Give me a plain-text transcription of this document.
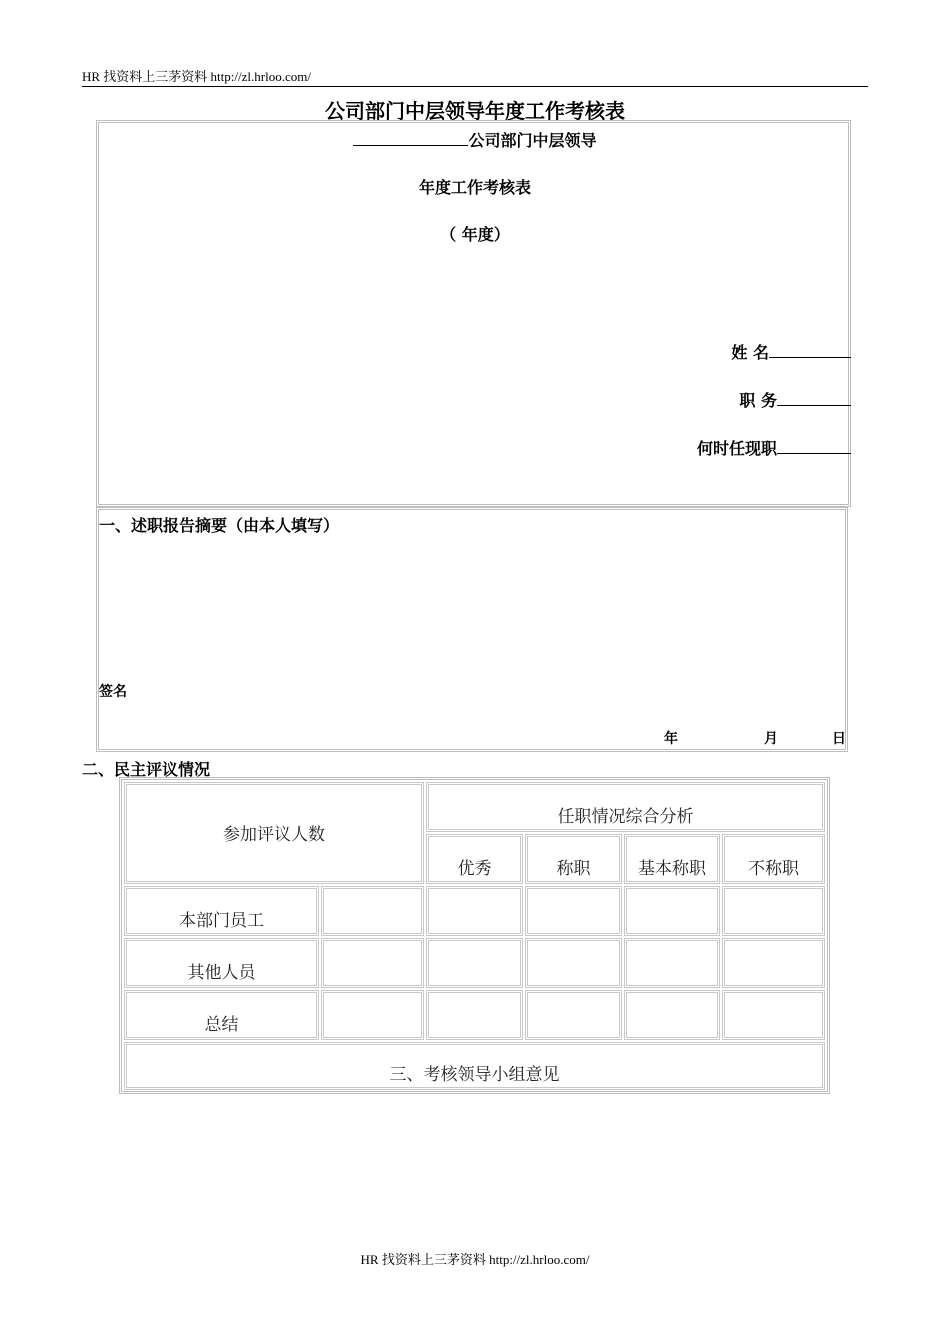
HR 找资料上三茅资料 http://zl.hrloo.com/
公司部门中层领导年度工作考核表
公司部门中层领导
年度工作考核表
（ 年度）
姓 名
职 务
何时任现职
一、述职报告摘要（由本人填写）
签名
年	月	日
二、民主评议情况
参加评议人数
任职情况综合分析
优秀	称职	基本称职	不称职
本部门员工
其他人员
总结
三、考核领导小组意见
HR 找资料上三茅资料 http://zl.hrloo.com/
